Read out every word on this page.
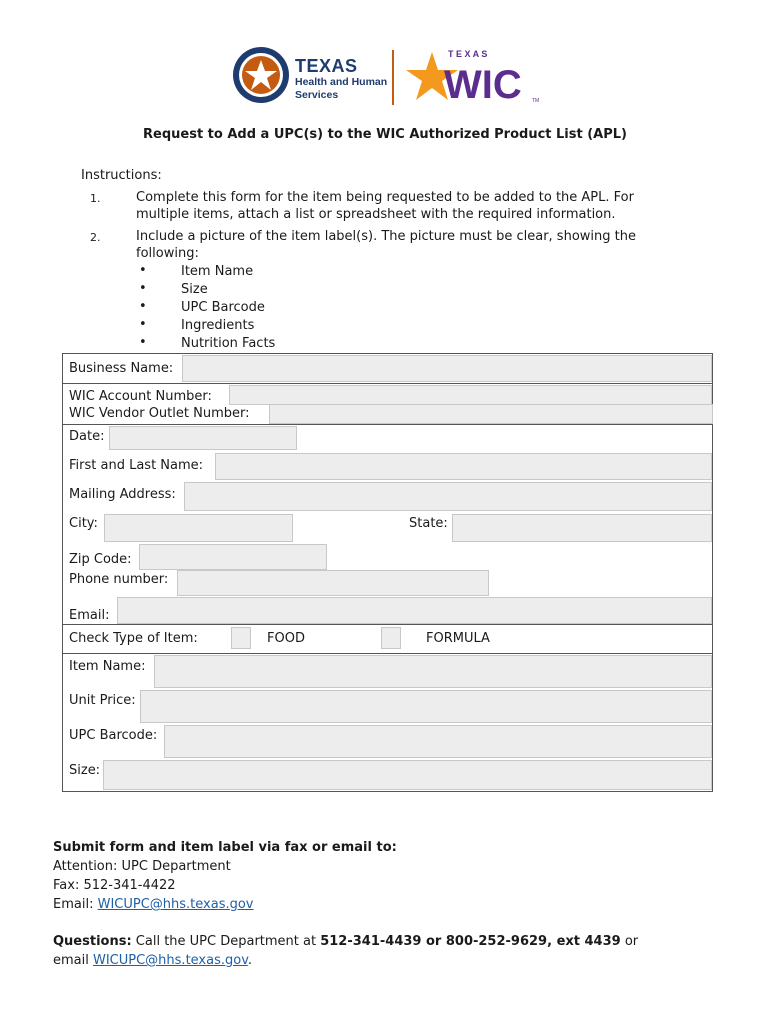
TEXAS
Health and Human
Services
T E X A S
WIC TM
Request to Add a UPC(s) to the WIC Authorized Product List (APL)
Instructions:
1.	Complete this form for the item being requested to be added to the APL. For
multiple items, attach a list or spreadsheet with the required information.
2.	Include a picture of the item label(s). The picture must be clear, showing the
following:
•	Item Name
•	Size
•	UPC Barcode
•	Ingredients
•	Nutrition Facts
Business Name:
WIC Account Number:
WIC Vendor Outlet Number:
Date:
First and Last Name:
Mailing Address:
City:	State:
Zip Code:
Phone number:
Email:
Check Type of Item:	FOOD	FORMULA
Item Name:
Unit Price:
UPC Barcode:
Size:
Submit form and item label via fax or email to:
Attention: UPC Department
Fax: 512-341-4422
Email: WICUPC@hhs.texas.gov
Questions: Call the UPC Department at 512-341-4439 or 800-252-9629, ext 4439 or
email WICUPC@hhs.texas.gov.
